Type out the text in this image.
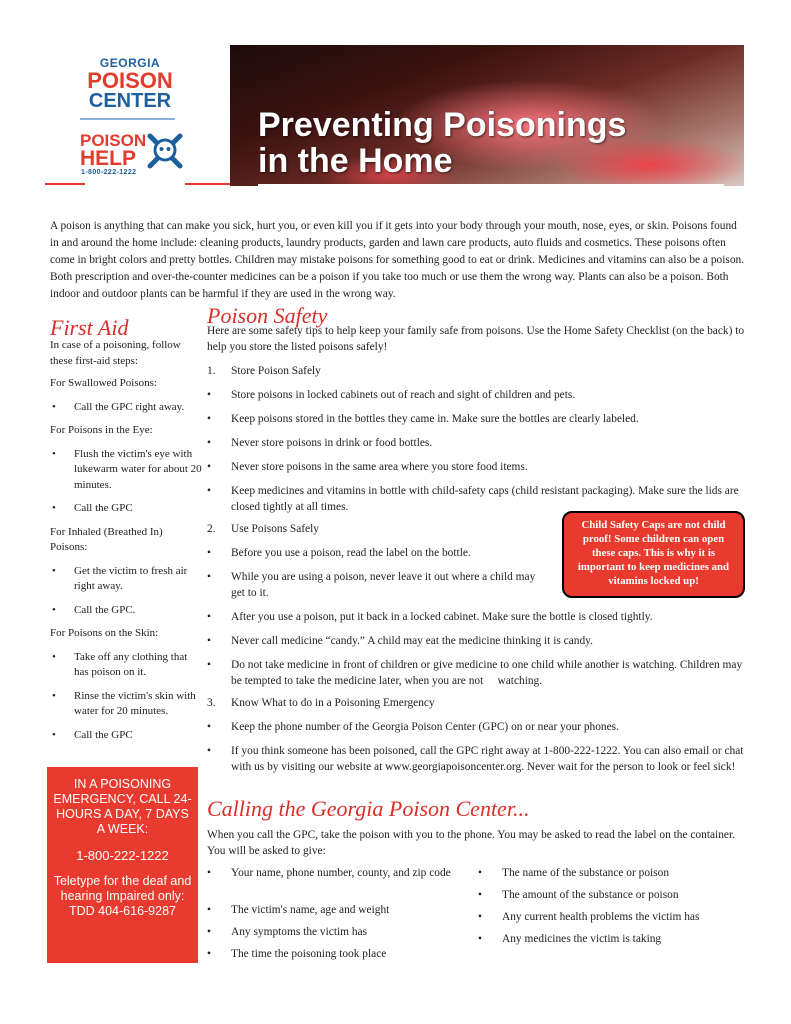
GEORGIA
POISON
CENTER
POISON
HELP
1-800-222-1222
Preventing Poisonings
in the Home
A poison is anything that can make you sick, hurt you, or even kill you if it gets into your body through your mouth, nose, eyes, or skin. Poisons found in and around the home include: cleaning products, laundry products, garden and lawn care products, auto fluids and cosmetics. These poisons often come in bright colors and pretty bottles. Children may mistake poisons for something good to eat or drink. Medicines and vitamins can also be a poison. Both prescription and over-the-counter medicines can be a poison if you take too much or use them the wrong way. Plants can also be a poison. Both indoor and outdoor plants can be harmful if they are used in the wrong way.
First Aid

In case of a poisoning, follow these first-aid steps:

For Swallowed Poisons:

• Call the GPC right away.

For Poisons in the Eye:

• Flush the victim's eye with lukewarm water for about 20 minutes.

• Call the GPC

For Inhaled (Breathed In) Poisons:

• Get the victim to fresh air right away.

• Call the GPC.

For Poisons on the Skin:

• Take off any clothing that has poison on it.

• Rinse the victim's skin with water for 20 minutes.

• Call the GPC

IN A POISONING EMERGENCY, CALL 24-HOURS A DAY, 7 DAYS A WEEK:

1-800-222-1222

Teletype for the deaf and hearing Impaired only: TDD 404-616-9287

Poison Safety
Here are some safety tips to help keep your family safe from poisons. Use the Home Safety Checklist (on the back) to help you store the listed poisons safely!
1. Store Poison Safely
• Store poisons in locked cabinets out of reach and sight of children and pets.
• Keep poisons stored in the bottles they came in. Make sure the bottles are clearly labeled.
• Never store poisons in drink or food bottles.
• Never store poisons in the same area where you store food items.
• Keep medicines and vitamins in bottle with child-safety caps (child resistant packaging). Make sure the lids are closed tightly at all times.
2. Use Poisons Safely
• Before you use a poison, read the label on the bottle.
• While you are using a poison, never leave it out where a child may get to it.
• After you use a poison, put it back in a locked cabinet. Make sure the bottle is closed tightly.
• Never call medicine “candy.” A child may eat the medicine thinking it is candy.
• Do not take medicine in front of children or give medicine to one child while another is watching. Children may be tempted to take the medicine later, when you are not     watching.
3. Know What to do in a Poisoning Emergency
• Keep the phone number of the Georgia Poison Center (GPC) on or near your phones.
• If you think someone has been poisoned, call the GPC right away at 1-800-222-1222. You can also email or chat with us by visiting our website at www.georgiapoisoncenter.org. Never wait for the person to look or feel sick!
Child Safety Caps are not child proof! Some children can open these caps. This is why it is important to keep medicines and vitamins locked up!
Calling the Georgia Poison Center...
When you call the GPC, take the poison with you to the phone. You may be asked to read the label on the container. You will be asked to give:
• Your name, phone number, county, and zip code
• The victim's name, age and weight
• Any symptoms the victim has
• The time the poisoning took place
• The name of the substance or poison
• The amount of the substance or poison
• Any current health problems the victim has
• Any medicines the victim is taking
